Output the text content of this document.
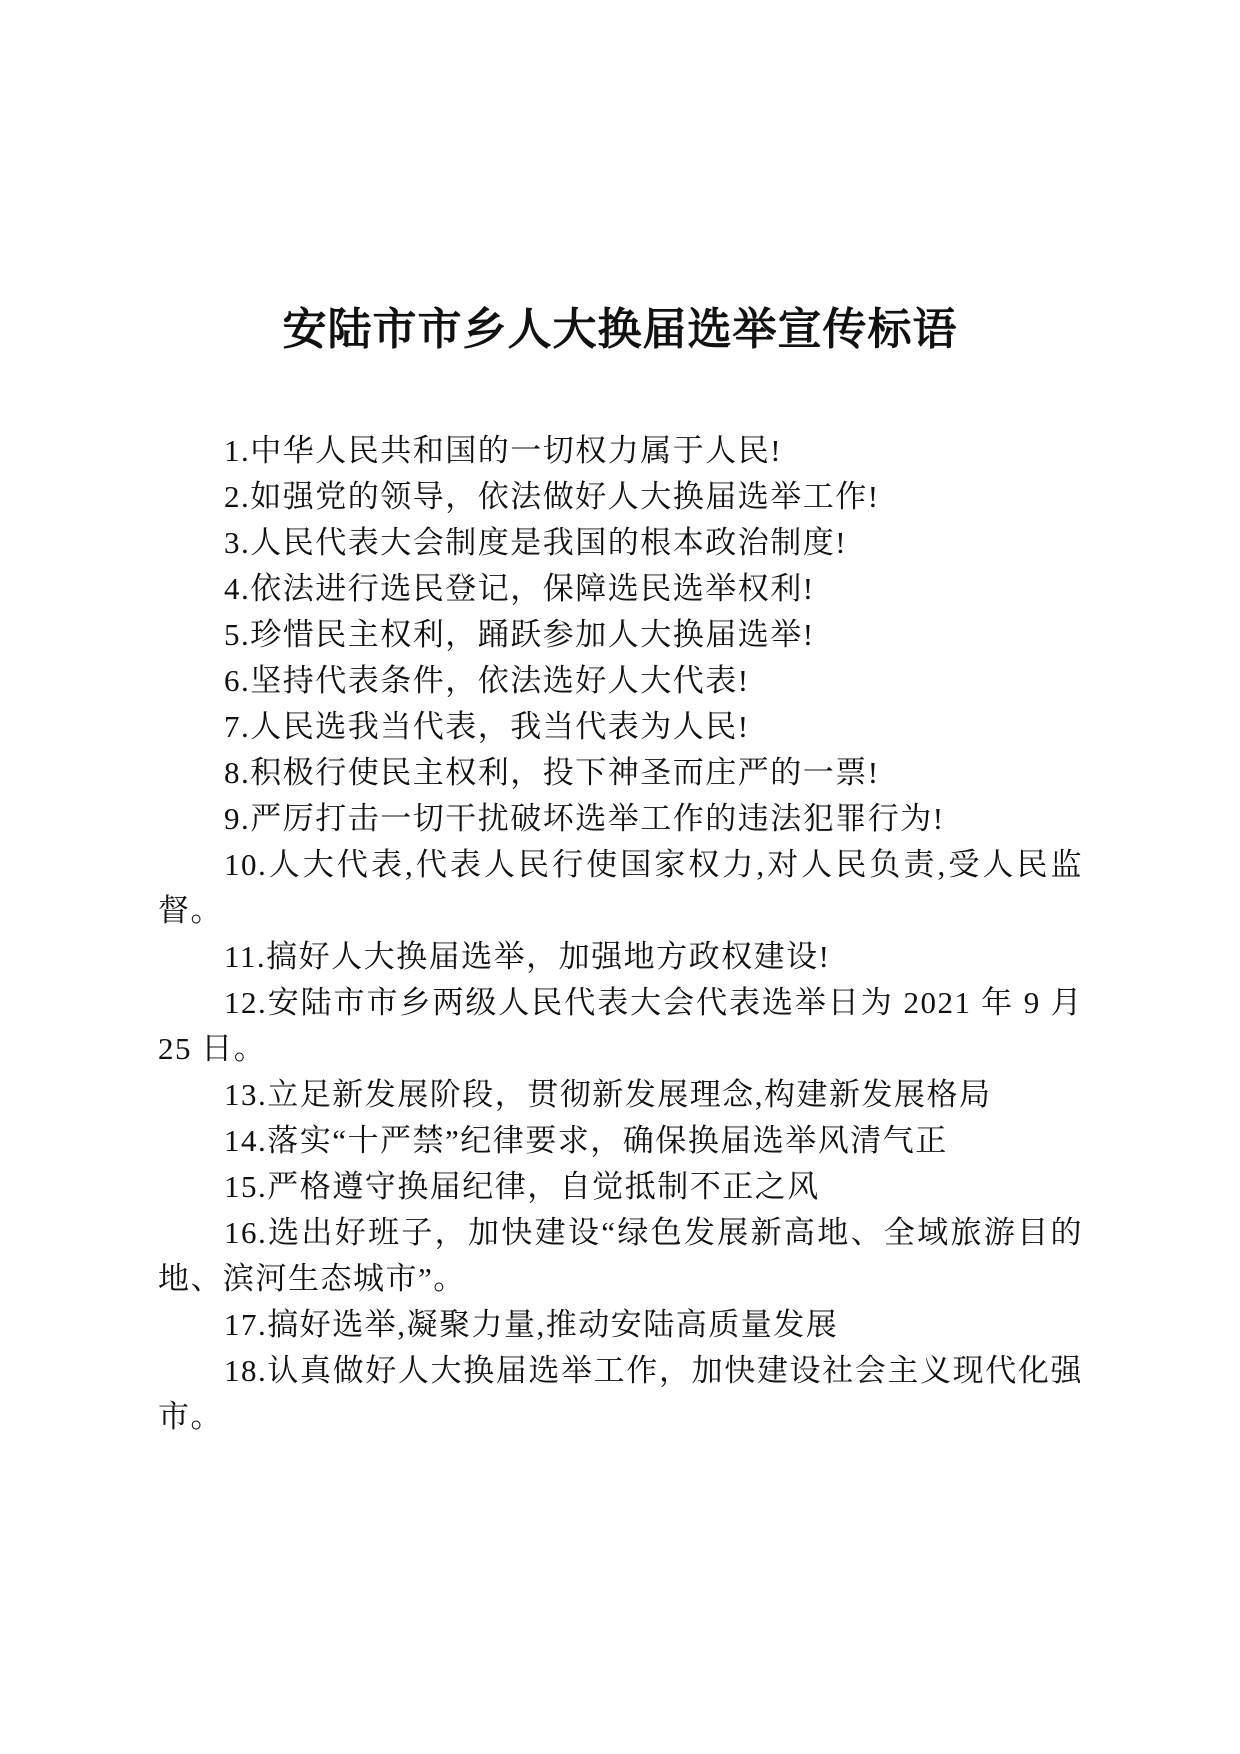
安陆市市乡人大换届选举宣传标语

1.中华人民共和国的一切权力属于人民!

2.如强党的领导，依法做好人大换届选举工作!

3.人民代表大会制度是我国的根本政治制度!

4.依法进行选民登记，保障选民选举权利!

5.珍惜民主权利，踊跃参加人大换届选举!

6.坚持代表条件，依法选好人大代表!

7.人民选我当代表，我当代表为人民!

8.积极行使民主权利，投下神圣而庄严的一票!

9.严厉打击一切干扰破坏选举工作的违法犯罪行为!

10.人大代表,代表人民行使国家权力,对人民负责,受人民监督。

11.搞好人大换届选举，加强地方政权建设!

12.安陆市市乡两级人民代表大会代表选举日为 2021 年 9 月 25 日。

13.立足新发展阶段，贯彻新发展理念,构建新发展格局

14.落实“十严禁”纪律要求，确保换届选举风清气正

15.严格遵守换届纪律，自觉抵制不正之风

16.选出好班子，加快建设“绿色发展新高地、全域旅游目的地、滨河生态城市”。

17.搞好选举,凝聚力量,推动安陆高质量发展

18.认真做好人大换届选举工作，加快建设社会主义现代化强市。
